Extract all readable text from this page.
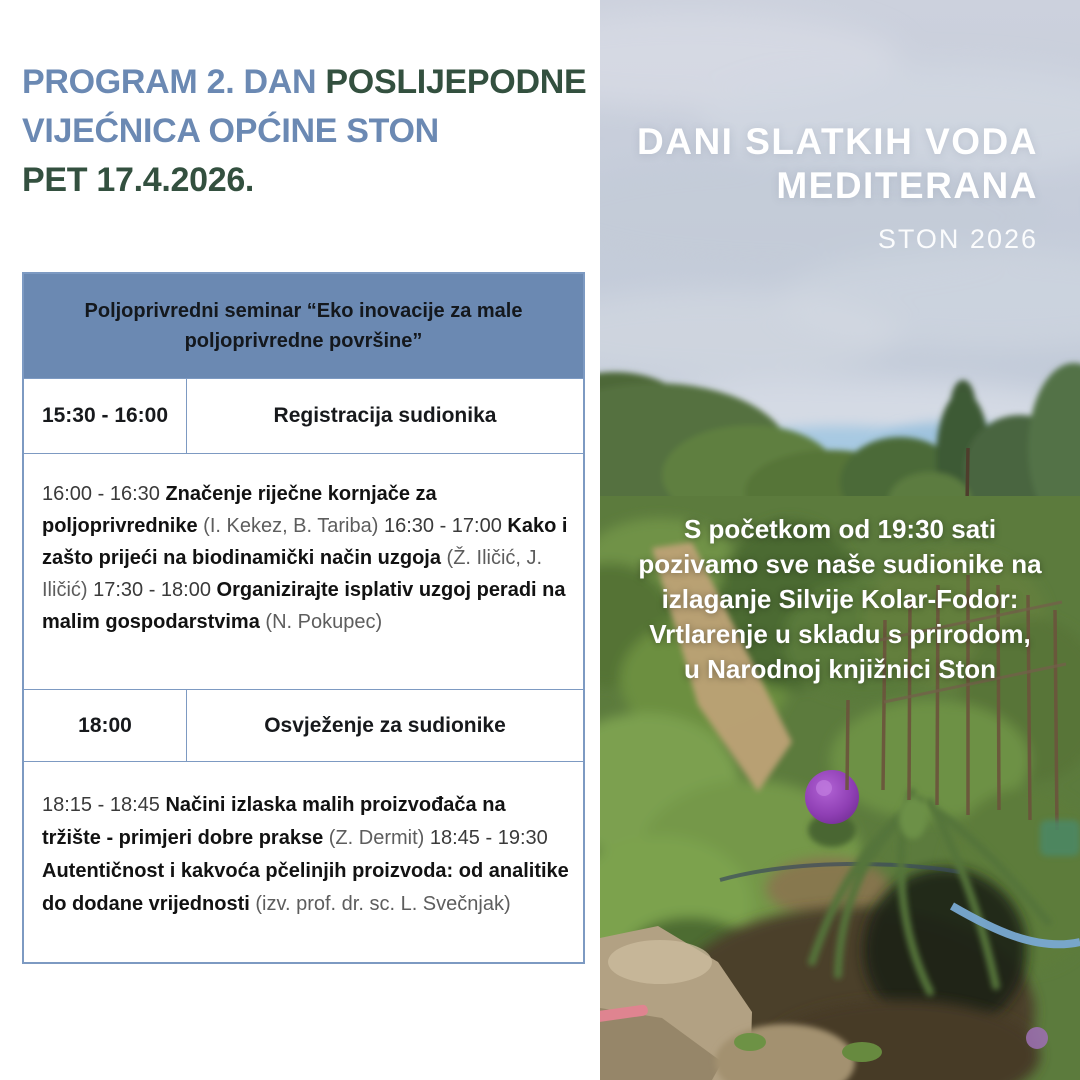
PROGRAM 2. DAN POSLIJEPODNE
VIJEĆNICA OPĆINE STON
PET 17.4.2026.
Poljoprivredni seminar “Eko inovacije za male poljoprivredne površine”
15:30 - 16:00	Registracija sudionika
16:00 - 16:30 Značenje riječne kornjače za poljoprivrednike (I. Kekez, B. Tariba) 16:30 - 17:00 Kako i zašto prijeći na biodinamički način uzgoja (Ž. Iličić, J. Iličić) 17:30 - 18:00 Organizirajte isplativ uzgoj peradi na malim gospodarstvima (N. Pokupec)
18:00	Osvježenje za sudionike
18:15 - 18:45 Načini izlaska malih proizvođača na tržište - primjeri dobre prakse (Z. Dermit) 18:45 - 19:30 Autentičnost i kakvoća pčelinjih proizvoda: od analitike do dodane vrijednosti (izv. prof. dr. sc. L. Svečnjak)
DANI SLATKIH VODA
MEDITERANA
STON 2026
S početkom od 19:30 sati
pozivamo sve naše sudionike na
izlaganje Silvije Kolar-Fodor:
Vrtlarenje u skladu s prirodom,
u Narodnoj knjižnici Ston
